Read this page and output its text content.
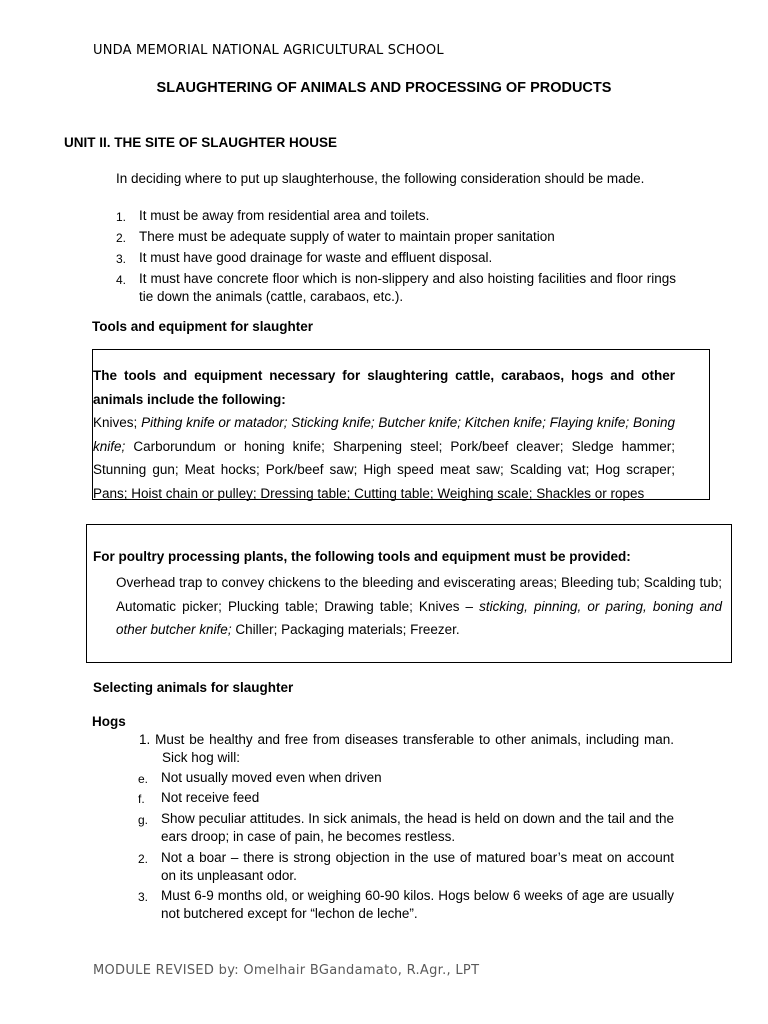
UNDA MEMORIAL NATIONAL AGRICULTURAL SCHOOL
SLAUGHTERING OF ANIMALS AND PROCESSING OF PRODUCTS
UNIT II. THE SITE OF SLAUGHTER HOUSE
In deciding where to put up slaughterhouse, the following consideration should be made.
1. It must be away from residential area and toilets.
2. There must be adequate supply of water to maintain proper sanitation
3. It must have good drainage for waste and effluent disposal.
4. It must have concrete floor which is non-slippery and also hoisting facilities and floor rings tie down the animals (cattle, carabaos, etc.).
Tools and equipment for slaughter
The tools and equipment necessary for slaughtering cattle, carabaos, hogs and other animals include the following:
Knives; Pithing knife or matador; Sticking knife; Butcher knife; Kitchen knife; Flaying knife; Boning knife; Carborundum or honing knife; Sharpening steel; Pork/beef cleaver; Sledge hammer; Stunning gun; Meat hocks; Pork/beef saw; High speed meat saw; Scalding vat; Hog scraper; Pans; Hoist chain or pulley; Dressing table; Cutting table; Weighing scale; Shackles or ropes
For poultry processing plants, the following tools and equipment must be provided:
Overhead trap to convey chickens to the bleeding and eviscerating areas; Bleeding tub; Scalding tub; Automatic picker; Plucking table; Drawing table; Knives – sticking, pinning, or paring, boning and other butcher knife; Chiller; Packaging materials; Freezer.
Selecting animals for slaughter
Hogs
1. Must be healthy and free from diseases transferable to other animals, including man. Sick hog will:
e. Not usually moved even when driven
f.	Not receive feed
g. Show peculiar attitudes. In sick animals, the head is held on down and the tail and the ears droop; in case of pain, he becomes restless.
2. Not a boar – there is strong objection in the use of matured boar’s meat on account on its unpleasant odor.
3. Must 6-9 months old, or weighing 60-90 kilos. Hogs below 6 weeks of age are usually not butchered except for “lechon de leche”.
MODULE REVISED by: Omelhair BGandamato, R.Agr., LPT
